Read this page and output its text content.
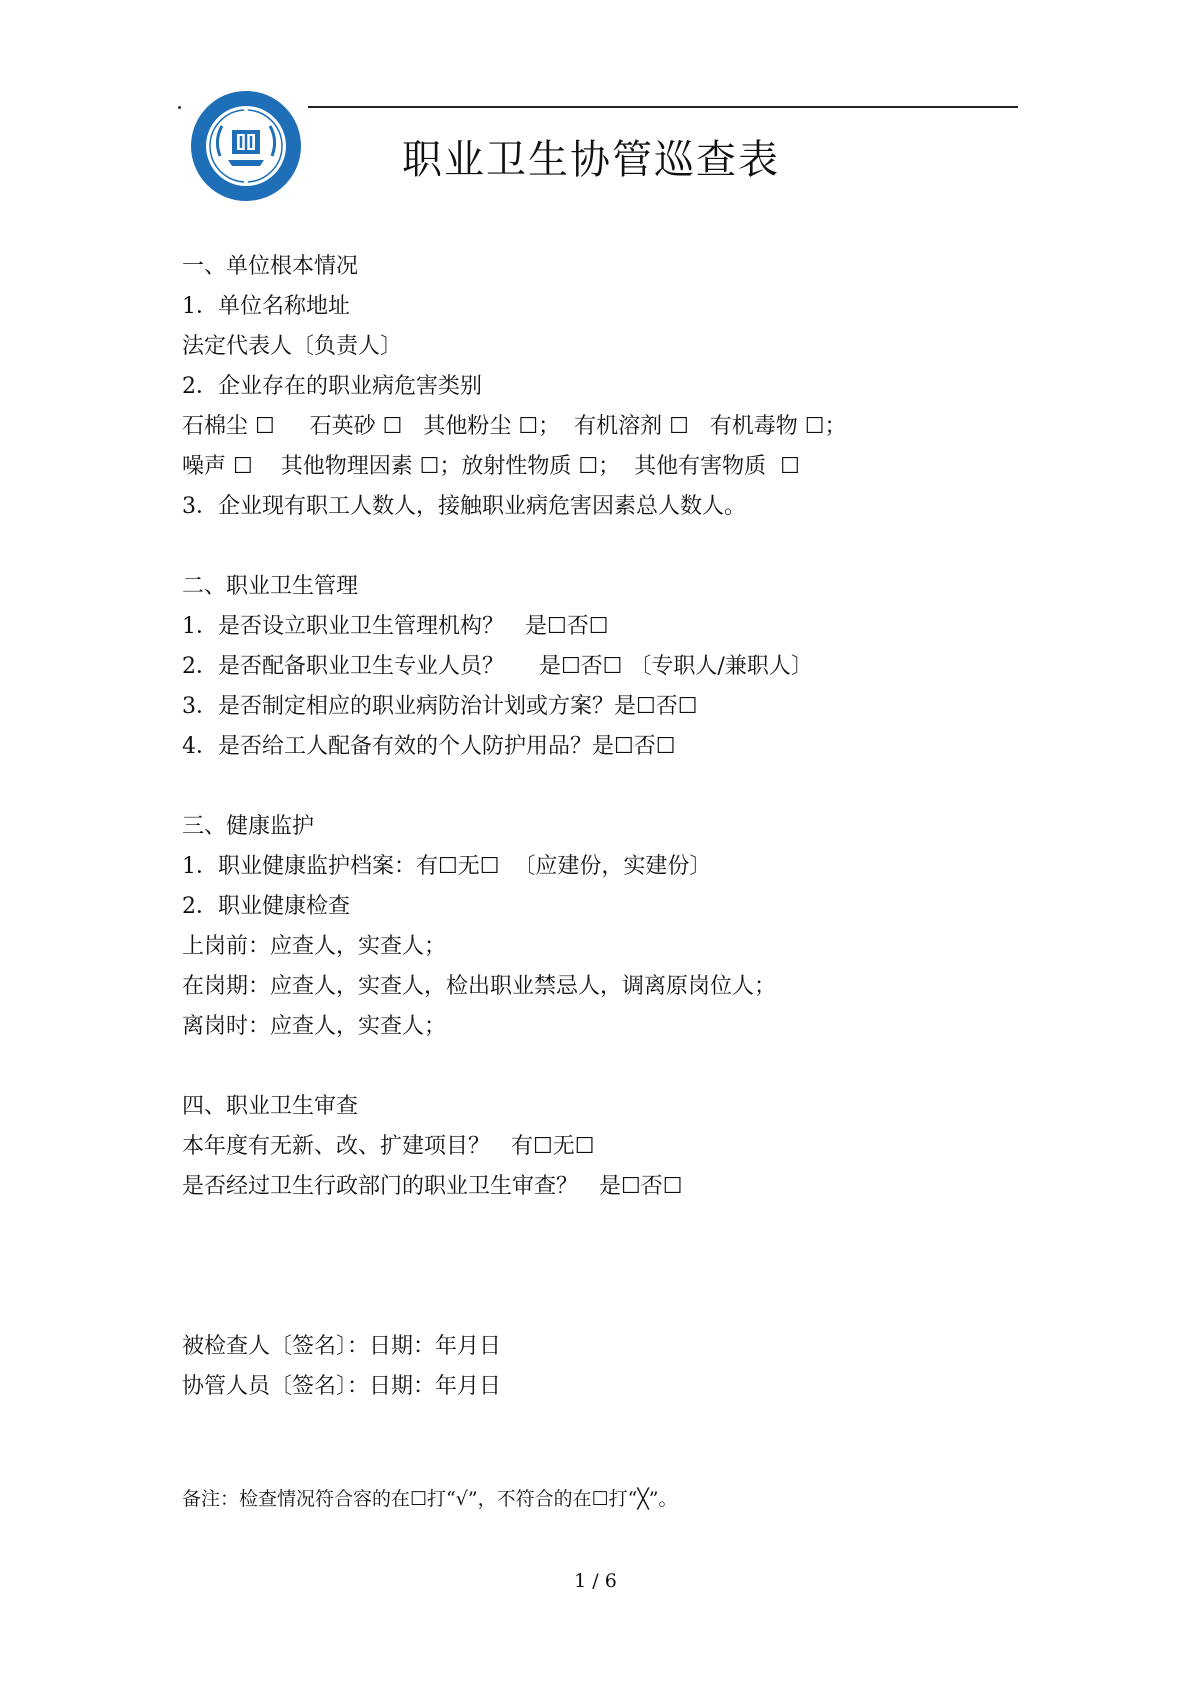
职业卫生协管巡查表
一、单位根本情况
1．单位名称地址
法定代表人〔负责人〕
2．企业存在的职业病危害类别
石棉尘 ☐     石英砂 ☐   其他粉尘 ☐；  有机溶剂 ☐   有机毒物 ☐；
噪声 ☐    其他物理因素 ☐；放射性物质 ☐；  其他有害物质  ☐
3．企业现有职工人数人，接触职业病危害因素总人数人。
二、职业卫生管理
1．是否设立职业卫生管理机构？   是☐否☐
2．是否配备职业卫生专业人员？     是☐否☐ 〔专职人/兼职人〕
3．是否制定相应的职业病防治计划或方案？是☐否☐
4．是否给工人配备有效的个人防护用品？是☐否☐
三、健康监护
1．职业健康监护档案：有☐无☐  〔应建份，实建份〕
2．职业健康检查
上岗前：应查人，实查人；
在岗期：应查人，实查人，检出职业禁忌人，调离原岗位人；
离岗时：应查人，实查人；
四、职业卫生审查
本年度有无新、改、扩建项目？   有☐无☐
是否经过卫生行政部门的职业卫生审查？   是☐否☐
被检查人〔签名〕：日期：年月日
协管人员〔签名〕：日期：年月日
备注：检查情况符合容的在☐打“√”，不符合的在☐打“╳”。
1 / 6
